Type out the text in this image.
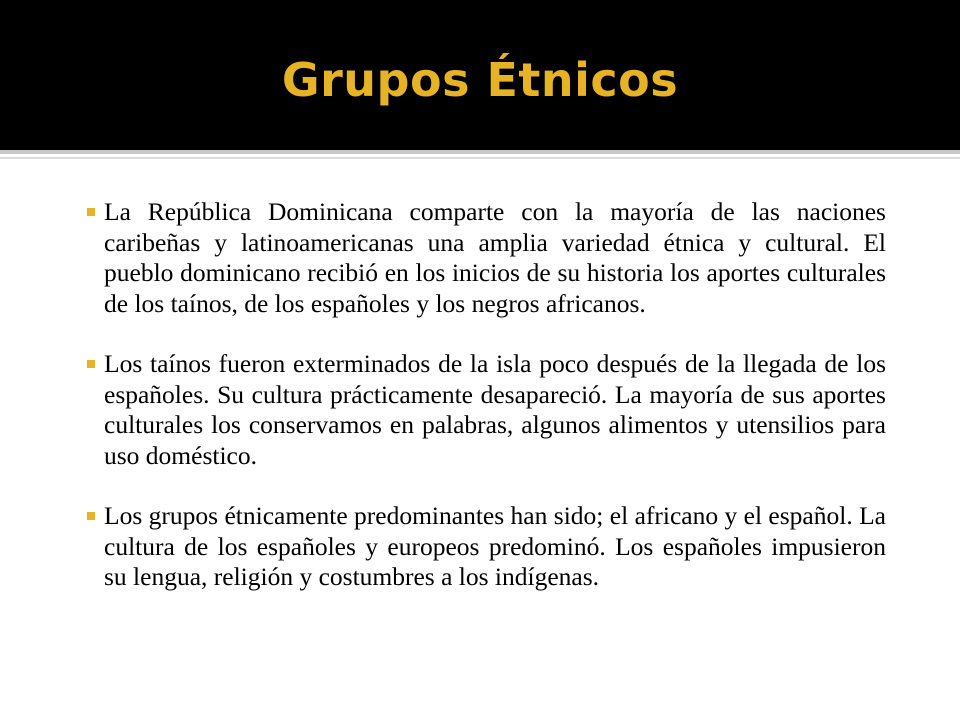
Grupos Étnicos
La República Dominicana comparte con la mayoría de las naciones caribeñas y latinoamericanas una amplia variedad étnica y cultural. El pueblo dominicano recibió en los inicios de su historia los aportes culturales de los taínos, de los españoles y los negros africanos.
Los taínos fueron exterminados de la isla poco después de la llegada de los españoles. Su cultura prácticamente desapareció. La mayoría de sus aportes culturales los conservamos en palabras, algunos alimentos y utensilios para uso doméstico.
Los grupos étnicamente predominantes han sido; el africano y el español. La cultura de los españoles y europeos predominó. Los españoles impusieron su lengua, religión y costumbres a los indígenas.
